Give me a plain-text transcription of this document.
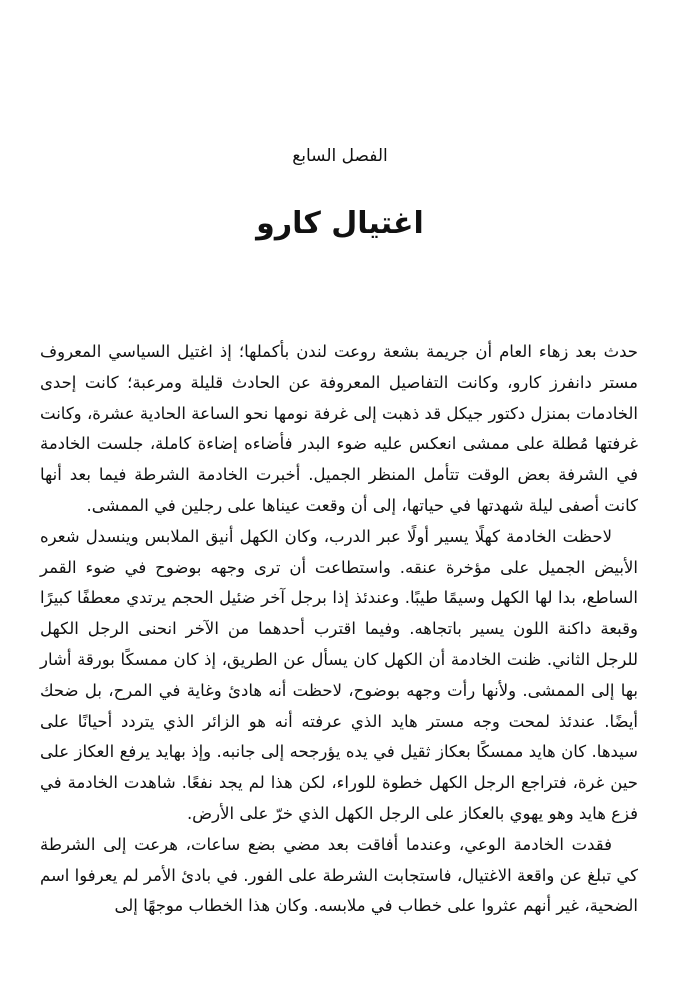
الفصل السابع
اغتيال كارو

حدث بعد زهاء العام أن جريمة بشعة روعت لندن بأكملها؛ إذ اغتيل السياسي المعروف مستر دانفرز كارو، وكانت التفاصيل المعروفة عن الحادث قليلة ومرعبة؛ كانت إحدى الخادمات بمنزل دكتور جيكل قد ذهبت إلى غرفة نومها نحو الساعة الحادية عشرة، وكانت غرفتها مُطلة على ممشى انعكس عليه ضوء البدر فأضاءه إضاءة كاملة، جلست الخادمة في الشرفة بعض الوقت تتأمل المنظر الجميل. أخبرت الخادمة الشرطة فيما بعد أنها كانت أصفى ليلة شهدتها في حياتها، إلى أن وقعت عيناها على رجلين في الممشى.

لاحظت الخادمة كهلًا يسير أولًا عبر الدرب، وكان الكهل أنيق الملابس وينسدل شعره الأبيض الجميل على مؤخرة عنقه. واستطاعت أن ترى وجهه بوضوح في ضوء القمر الساطع، بدا لها الكهل وسيمًا طيبًا. وعندئذ إذا برجل آخر ضئيل الحجم يرتدي معطفًا كبيرًا وقبعة داكنة اللون يسير باتجاهه. وفيما اقترب أحدهما من الآخر انحنى الرجل الكهل للرجل الثاني. ظنت الخادمة أن الكهل كان يسأل عن الطريق، إذ كان ممسكًا بورقة أشار بها إلى الممشى. ولأنها رأت وجهه بوضوح، لاحظت أنه هادئ وغاية في المرح، بل ضحك أيضًا. عندئذ لمحت وجه مستر هايد الذي عرفته أنه هو الزائر الذي يتردد أحيانًا على سيدها. كان هايد ممسكًا بعكاز ثقيل في يده يؤرجحه إلى جانبه. وإذ بهايد يرفع العكاز على حين غرة، فتراجع الرجل الكهل خطوة للوراء، لكن هذا لم يجد نفعًا. شاهدت الخادمة في فزع هايد وهو يهوي بالعكاز على الرجل الكهل الذي خرّ على الأرض.

فقدت الخادمة الوعي، وعندما أفاقت بعد مضي بضع ساعات، هرعت إلى الشرطة كي تبلغ عن واقعة الاغتيال، فاستجابت الشرطة على الفور. في بادئ الأمر لم يعرفوا اسم الضحية، غير أنهم عثروا على خطاب في ملابسه. وكان هذا الخطاب موجهًا إلى
